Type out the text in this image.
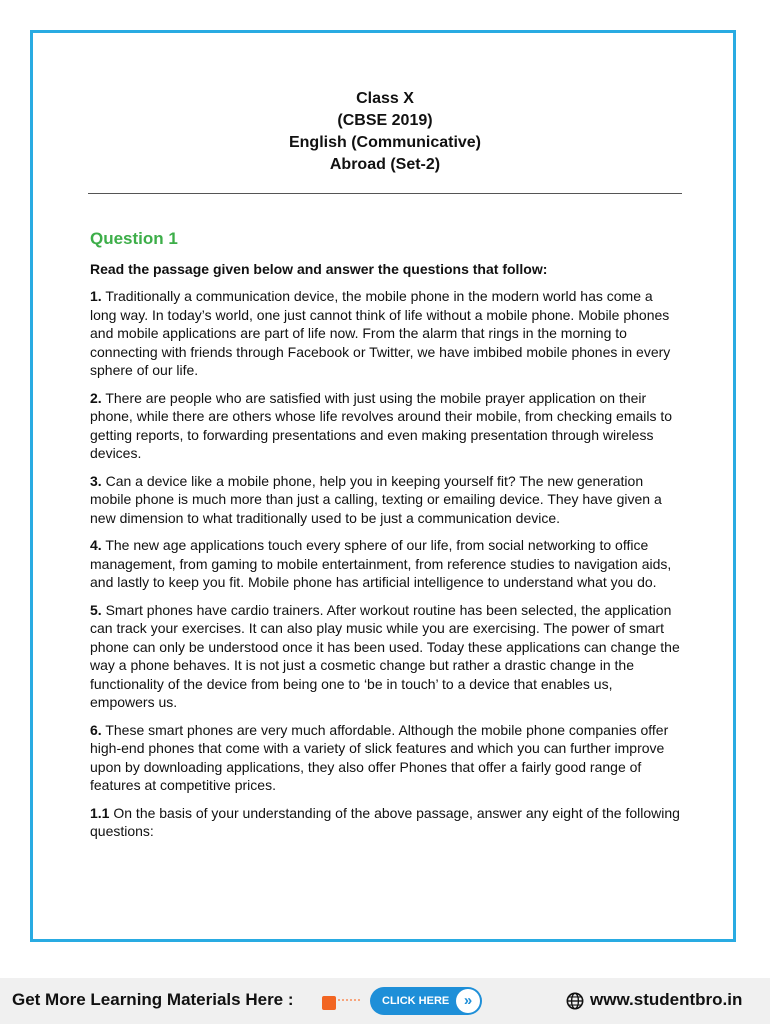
Class X
(CBSE 2019)
English (Communicative)
Abroad (Set-2)
Question 1
Read the passage given below and answer the questions that follow:

1. Traditionally a communication device, the mobile phone in the modern world has come a long way. In today’s world, one just cannot think of life without a mobile phone. Mobile phones and mobile applications are part of life now. From the alarm that rings in the morning to connecting with friends through Facebook or Twitter, we have imbibed mobile phones in every sphere of our life.

2. There are people who are satisfied with just using the mobile prayer application on their phone, while there are others whose life revolves around their mobile, from checking emails to getting reports, to forwarding presentations and even making presentation through wireless devices.

3. Can a device like a mobile phone, help you in keeping yourself fit? The new generation mobile phone is much more than just a calling, texting or emailing device. They have given a new dimension to what traditionally used to be just a communication device.

4. The new age applications touch every sphere of our life, from social networking to office management, from gaming to mobile entertainment, from reference studies to navigation aids, and lastly to keep you fit. Mobile phone has artificial intelligence to understand what you do.

5. Smart phones have cardio trainers. After workout routine has been selected, the application can track your exercises. It can also play music while you are exercising. The power of smart phone can only be understood once it has been used. Today these applications can change the way a phone behaves. It is not just a cosmetic change but rather a drastic change in the functionality of the device from being one to ‘be in touch’ to a device that enables us, empowers us.

6. These smart phones are very much affordable. Although the mobile phone companies offer high-end phones that come with a variety of slick features and which you can further improve upon by downloading applications, they also offer Phones that offer a fairly good range of features at competitive prices.

1.1 On the basis of your understanding of the above passage, answer any eight of the following questions:

Get More Learning Materials Here :	CLICK HERE »	www.studentbro.in
